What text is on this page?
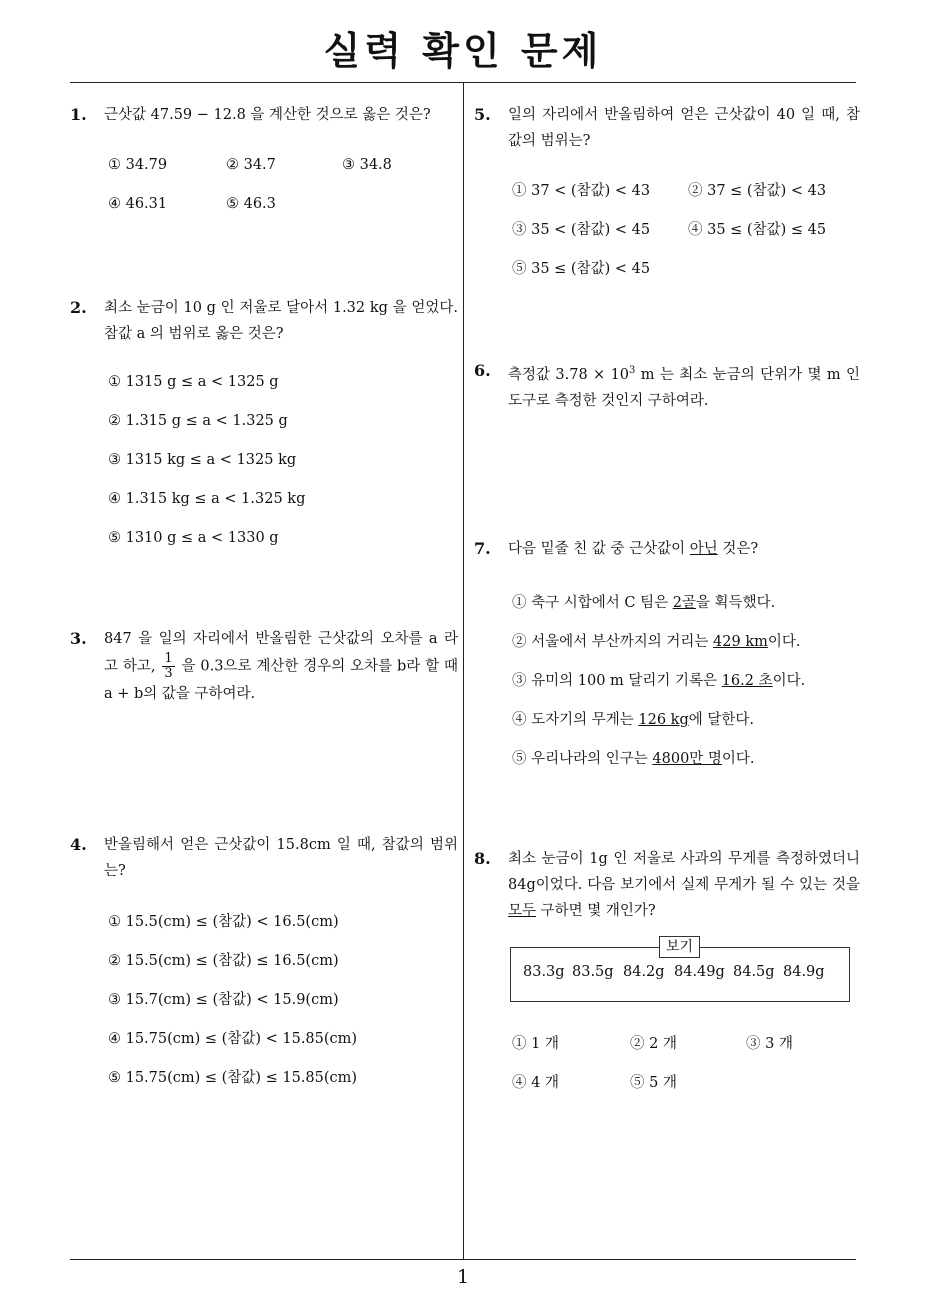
실력 확인 문제
1
1. 근삿값 47.59 − 12.8 을 계산한 것으로 옳은 것은?
① 34.79	② 34.7	③ 34.8
④ 46.31	⑤ 46.3
2. 최소 눈금이 10 g 인 저울로 달아서 1.32 kg 을 얻었다. 참값 a 의 범위로 옳은 것은?
① 1315 g ≤ a < 1325 g
② 1.315 g ≤ a < 1.325 g
③ 1315 kg ≤ a < 1325 kg
④ 1.315 kg ≤ a < 1.325 kg
⑤ 1310 g ≤ a < 1330 g
3. 847 을 일의 자리에서 반올림한 근삿값의 오차를 a 라 고 하고, $\frac{1}{3}$ 을 0.3으로 계산한 경우의 오차를 b라 할 때 a + b의 값을 구하여라.
4. 반올림해서 얻은 근삿값이 15.8cm 일 때, 참값의 범위는?
① 15.5(cm) ≤ (참값) < 16.5(cm)
② 15.5(cm) ≤ (참값) ≤ 16.5(cm)
③ 15.7(cm) ≤ (참값) < 15.9(cm)
④ 15.75(cm) ≤ (참값) < 15.85(cm)
⑤ 15.75(cm) ≤ (참값) ≤ 15.85(cm)
5. 일의 자리에서 반올림하여 얻은 근삿값이 40 일 때, 참값의 범위는?
① 37 < (참값) < 43	② 37 ≤ (참값) < 43
③ 35 < (참값) < 45	④ 35 ≤ (참값) ≤ 45
⑤ 35 ≤ (참값) < 45
6. 측정값 $3.78 \times 10^3$ m 는 최소 눈금의 단위가 몇 m 인 도구로 측정한 것인지 구하여라.
7. 다음 밑줄 친 값 중 근삿값이 아닌 것은?
① 축구 시합에서 C 팀은 2골을 획득했다.
② 서울에서 부산까지의 거리는 429 km이다.
③ 유미의 100 m 달리기 기록은 16.2 초이다.
④ 도자기의 무게는 126 kg에 달한다.
⑤ 우리나라의 인구는 4800만 명이다.
8. 최소 눈금이 1g 인 저울로 사과의 무게를 측정하였더니 84g이었다. 다음 보기에서 실제 무게가 될 수 있는 것을 모두 구하면 몇 개인가?
보기
83.3g 83.5g 84.2g 84.49g 84.5g 84.9g
① 1 개	② 2 개	③ 3 개
④ 4 개	⑤ 5 개
